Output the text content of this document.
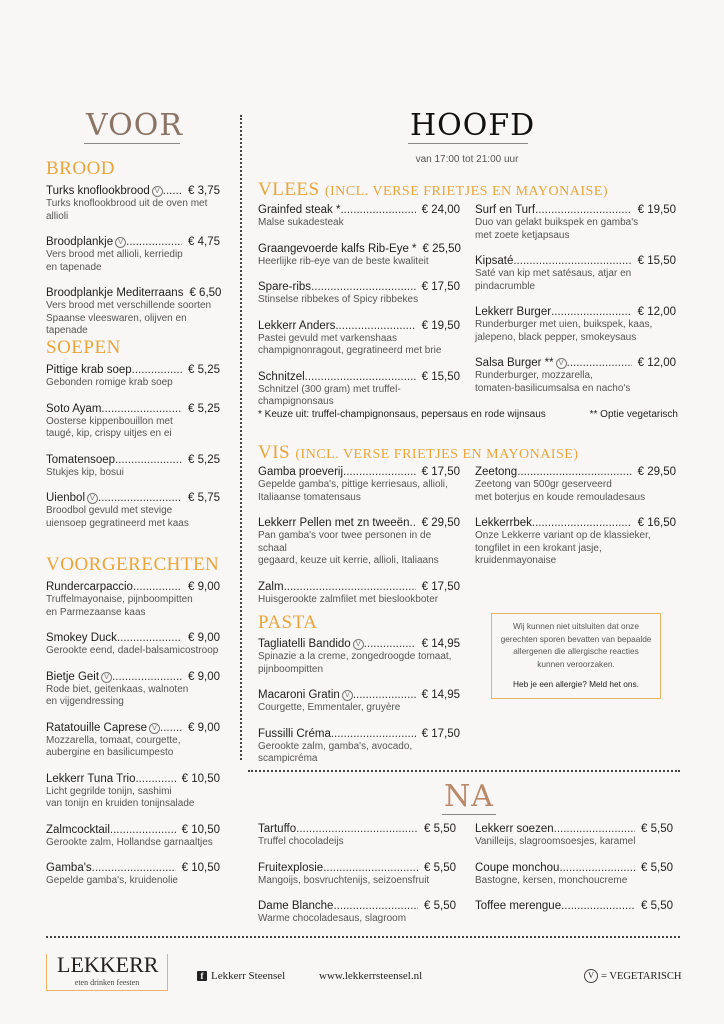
VOOR
BROOD
Turks knoflookbrood V .....	€ 3,75
Turks knoflookbrood uit de oven met allioli
Broodplankje V .....	€ 4,75
Vers brood met allioli, kerriedip
en tapenade
Broodplankje Mediterraans € 6,50
Vers brood met verschillende soorten
Spaanse vleeswaren, olijven en tapenade
SOEPEN
Pittige krab soep .....	€ 5,25
Gebonden romige krab soep
Soto Ayam .....	€ 5,25
Oosterse kippenbouillon met
taugé, kip, crispy uitjes en ei
Tomatensoep .....	€ 5,25
Stukjes kip, bosui
Uienbol V .....	€ 5,75
Broodbol gevuld met stevige
uiensoep gegratineerd met kaas
VOORGERECHTEN
Rundercarpaccio .....	€ 9,00
Truffelmayonaise, pijnboompitten
en Parmezaanse kaas
Smokey Duck .....	€ 9,00
Gerookte eend, dadel-balsamicostroop
Bietje Geit V .....	€ 9,00
Rode biet, geitenkaas, walnoten
en vijgendressing
Ratatouille Caprese V .....	€ 9,00
Mozzarella, tomaat, courgette,
aubergine en basilicumpesto
Lekkerr Tuna Trio .....	€ 10,50
Licht gegrilde tonijn, sashimi
van tonijn en kruiden tonijnsalade
Zalmcocktail .....	€ 10,50
Gerookte zalm, Hollandse garnaaltjes
Gamba's .....	€ 10,50
Gepelde gamba's, kruidenolie
HOOFD
van 17:00 tot 21:00 uur
VLEES (INCL. VERSE FRIETJES EN MAYONAISE)
Grainfed steak * .....	€ 24,00
Malse sukadesteak
Graangevoerde kalfs Rib-Eye * € 25,50
Heerlijke rib-eye van de beste kwaliteit
Spare-ribs .....	€ 17,50
Stinselse ribbekes of Spicy ribbekes
Lekkerr Anders .....	€ 19,50
Pastei gevuld met varkenshaas
champignonragout, gegratineerd met brie
Schnitzel .....	€ 15,50
Schnitzel (300 gram) met truffel-champignonsaus
Surf en Turf .....	€ 19,50
Duo van gelakt buikspek en gamba's
met zoete ketjapsaus
Kipsaté .....	€ 15,50
Saté van kip met satésaus, atjar en pindacrumble
Lekkerr Burger .....	€ 12,00
Runderburger met uien, buikspek, kaas,
jalepeno, black pepper, smokeysaus
Salsa Burger ** V .....	€ 12,00
Runderburger, mozzarella,
tomaten-basilicumsalsa en nacho's
* Keuze uit: truffel-champignonsaus, pepersaus en rode wijnsaus	** Optie vegetarisch
VIS (INCL. VERSE FRIETJES EN MAYONAISE)
Gamba proeverij .....	€ 17,50
Gepelde gamba's, pittige kerriesaus, allioli,
Italiaanse tomatensaus
Lekkerr Pellen met zn tweeën .....	€ 29,50
Pan gamba's voor twee personen in de schaal
gegaard, keuze uit kerrie, allioli, Italiaans
Zalm .....	€ 17,50
Huisgerookte zalmfilet met bieslookboter
Zeetong .....	€ 29,50
Zeetong van 500gr geserveerd
met boterjus en koude remouladesaus
Lekkerrbek .....	€ 16,50
Onze Lekkerre variant op de klassieker,
tongfilet in een krokant jasje, kruidenmayonaise
PASTA
Tagliatelli Bandido V .....	€ 14,95
Spinazie a la creme, zongedroogde tomaat,
pijnboompitten
Macaroni Gratin V .....	€ 14,95
Courgette, Emmentaler, gruyère
Fussilli Créma .....	€ 17,50
Gerookte zalm, gamba's, avocado, scampicréma
Wij kunnen niet uitsluiten dat onze gerechten sporen bevatten van bepaalde allergenen die allergische reacties kunnen veroorzaken.
Heb je een allergie? Meld het ons.
NA
Tartuffo .....	€ 5,50
Truffel chocoladeijs
Fruitexplosie .....	€ 5,50
Mangoijs, bosvruchtenijs, seizoensfruit
Dame Blanche .....	€ 5,50
Warme chocoladesaus, slagroom
Lekkerr soezen .....	€ 5,50
Vanilleijs, slagroomsoesjes, karamel
Coupe monchou .....	€ 5,50
Bastogne, kersen, monchoucreme
Toffee merengue .....	€ 5,50
LEKKERR
eten drinken feesten
f Lekkerr Steensel	www.lekkerrsteensel.nl	V = VEGETARISCH
